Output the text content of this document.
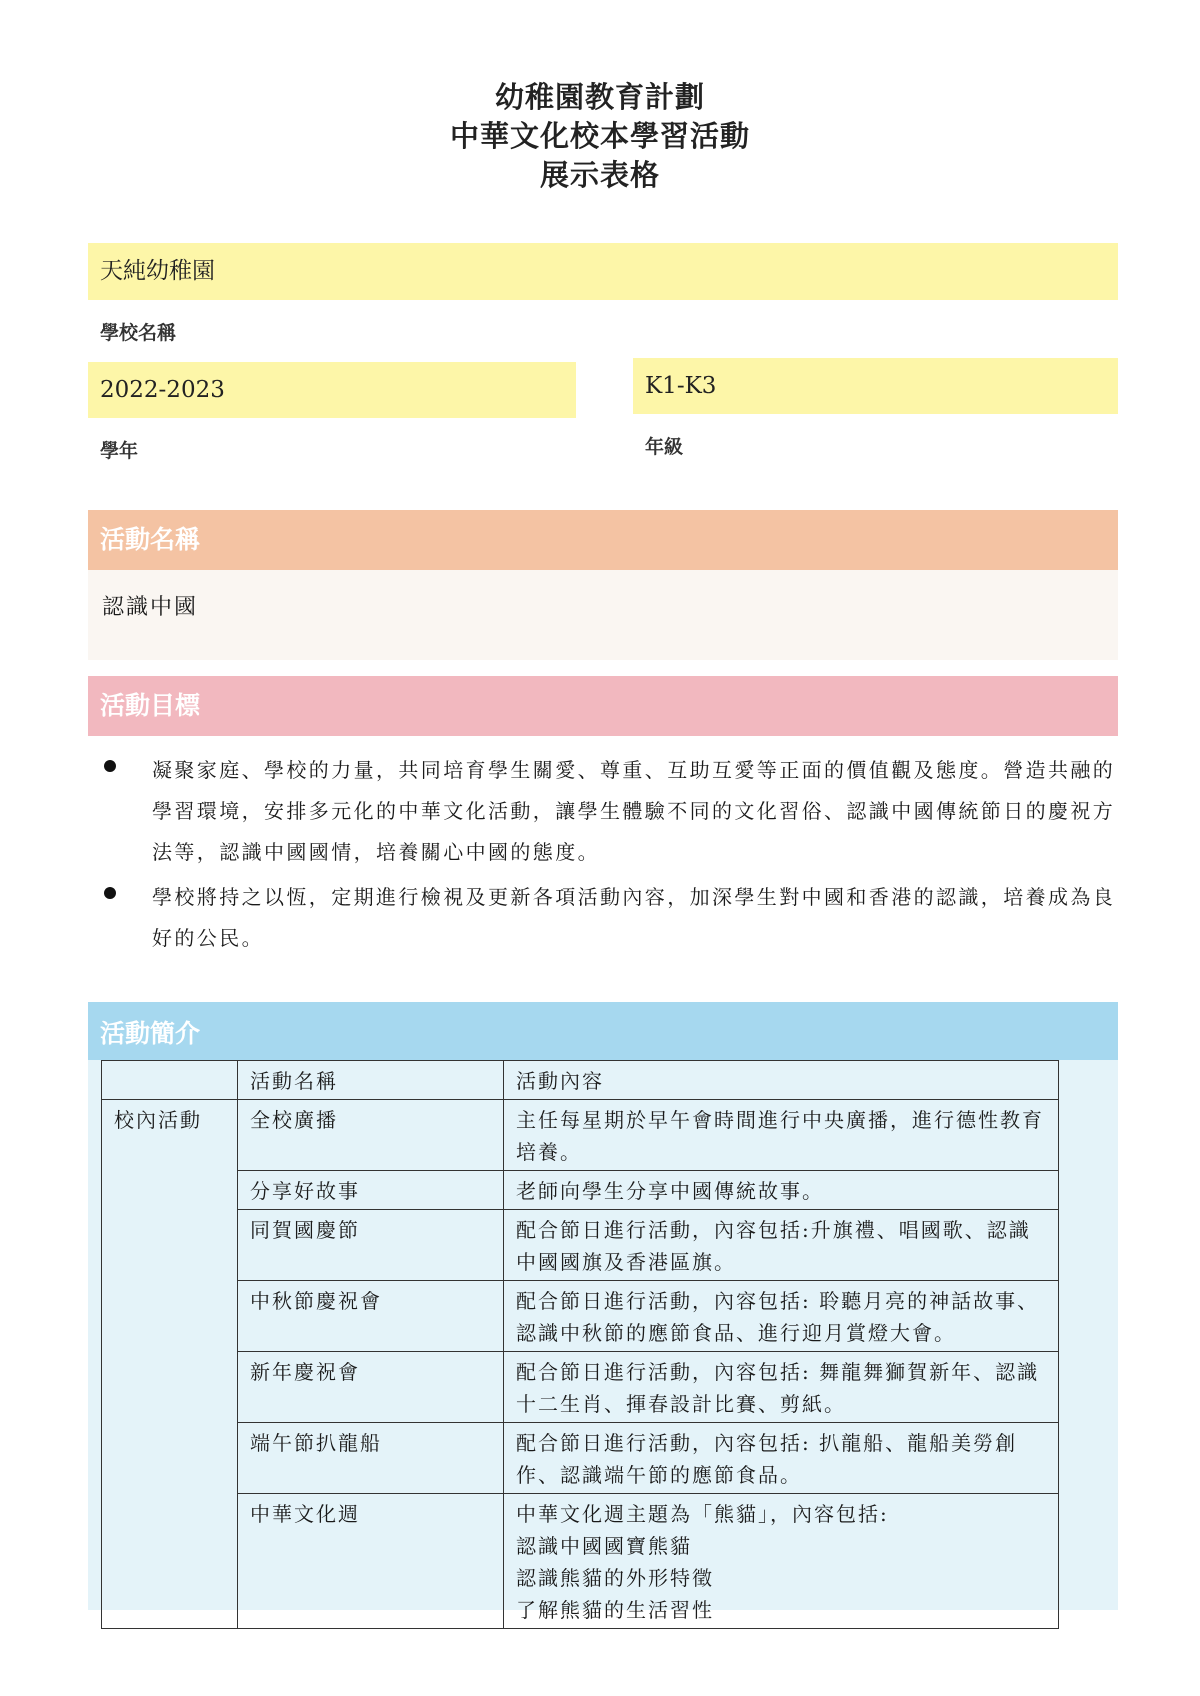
幼稚園教育計劃
中華文化校本學習活動
展示表格
天純幼稚園
學校名稱
2022-2023
學年
K1-K3
年級
活動名稱
認識中國
活動目標
凝聚家庭、學校的力量，共同培育學生關愛、尊重、互助互愛等正面的價值觀及態度。營造共融的學習環境，安排多元化的中華文化活動，讓學生體驗不同的文化習俗、認識中國傳統節日的慶祝方法等，認識中國國情，培養關心中國的態度。
學校將持之以恆，定期進行檢視及更新各項活動內容，加深學生對中國和香港的認識，培養成為良好的公民。
活動簡介
	活動名稱	活動內容
校內活動	全校廣播	主任每星期於早午會時間進行中央廣播，進行德性教育培養。

	分享好故事	老師向學生分享中國傳統故事。

	同賀國慶節	配合節日進行活動，內容包括:升旗禮、唱國歌、認識中國國旗及香港區旗。

	中秋節慶祝會	配合節日進行活動，內容包括: 聆聽月亮的神話故事、認識中秋節的應節食品、進行迎月賞燈大會。

	新年慶祝會	配合節日進行活動，內容包括: 舞龍舞獅賀新年、認識十二生肖、揮春設計比賽、剪紙。

	端午節扒龍船	配合節日進行活動，內容包括: 扒龍船、龍船美勞創作、認識端午節的應節食品。

	中華文化週	中華文化週主題為「熊貓」，內容包括:
認識中國國寶熊貓
認識熊貓的外形特徵
了解熊貓的生活習性
